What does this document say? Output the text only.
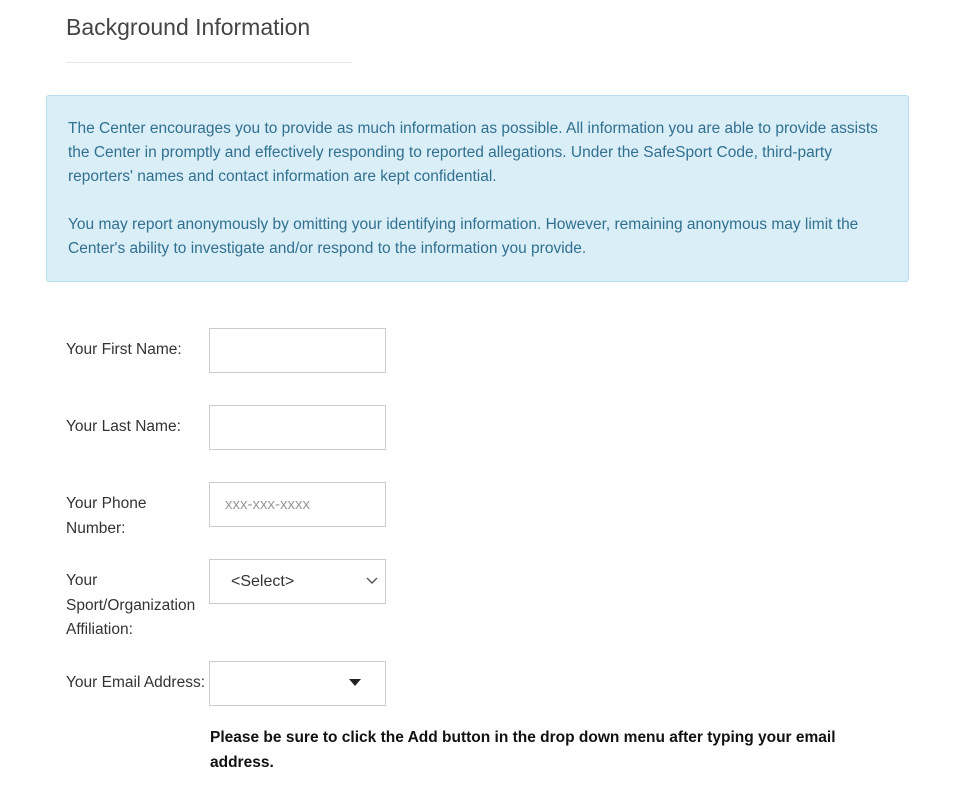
Background Information

The Center encourages you to provide as much information as possible. All information you are able to provide assists the Center in promptly and effectively responding to reported allegations. Under the SafeSport Code, third-party reporters' names and contact information are kept confidential.

You may report anonymously by omitting your identifying information. However, remaining anonymous may limit the Center's ability to investigate and/or respond to the information you provide.

Your First Name:
Your Last Name:
Your Phone Number:
xxx-xxx-xxxx
Your Sport/Organization Affiliation:
<Select>
Your Email Address:
Please be sure to click the Add button in the drop down menu after typing your email address.
